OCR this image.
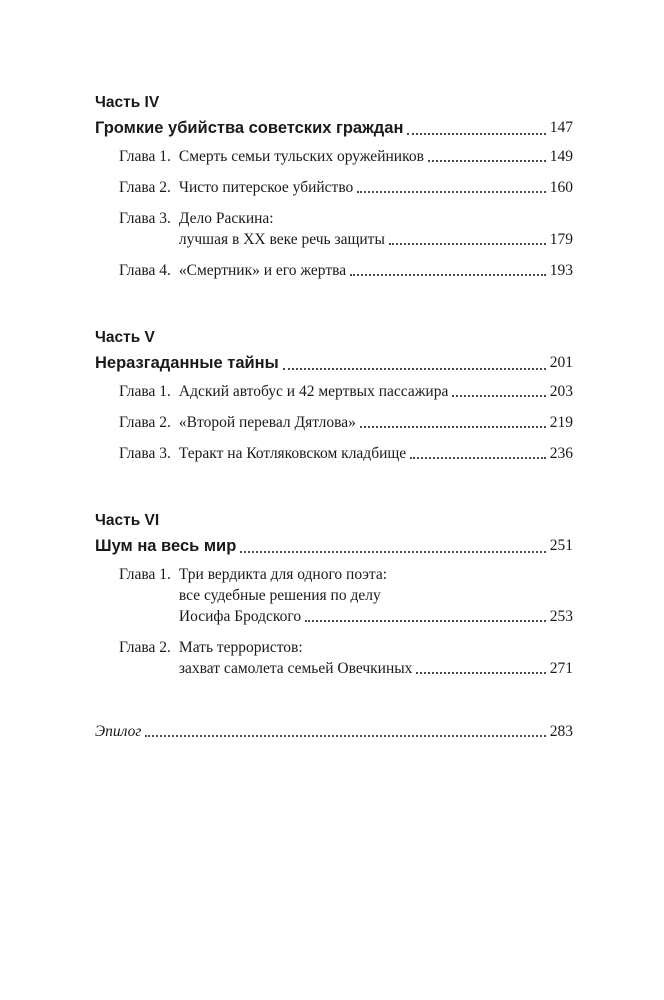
Часть IV
Громкие убийства советских граждан	147
Глава 1. Смерть семьи тульских оружейников	149
Глава 2. Чисто питерское убийство	160
Глава 3. Дело Раскина:
лучшая в XX веке речь защиты	179
Глава 4. «Смертник» и его жертва	193
Часть V
Неразгаданные тайны	201
Глава 1. Адский автобус и 42 мертвых пассажира	203
Глава 2. «Второй перевал Дятлова»	219
Глава 3. Теракт на Котляковском кладбище	236
Часть VI
Шум на весь мир	251
Глава 1. Три вердикта для одного поэта:
все судебные решения по делу
Иосифа Бродского	253
Глава 2. Мать террористов:
захват самолета семьей Овечкиных	271
Эпилог	283
